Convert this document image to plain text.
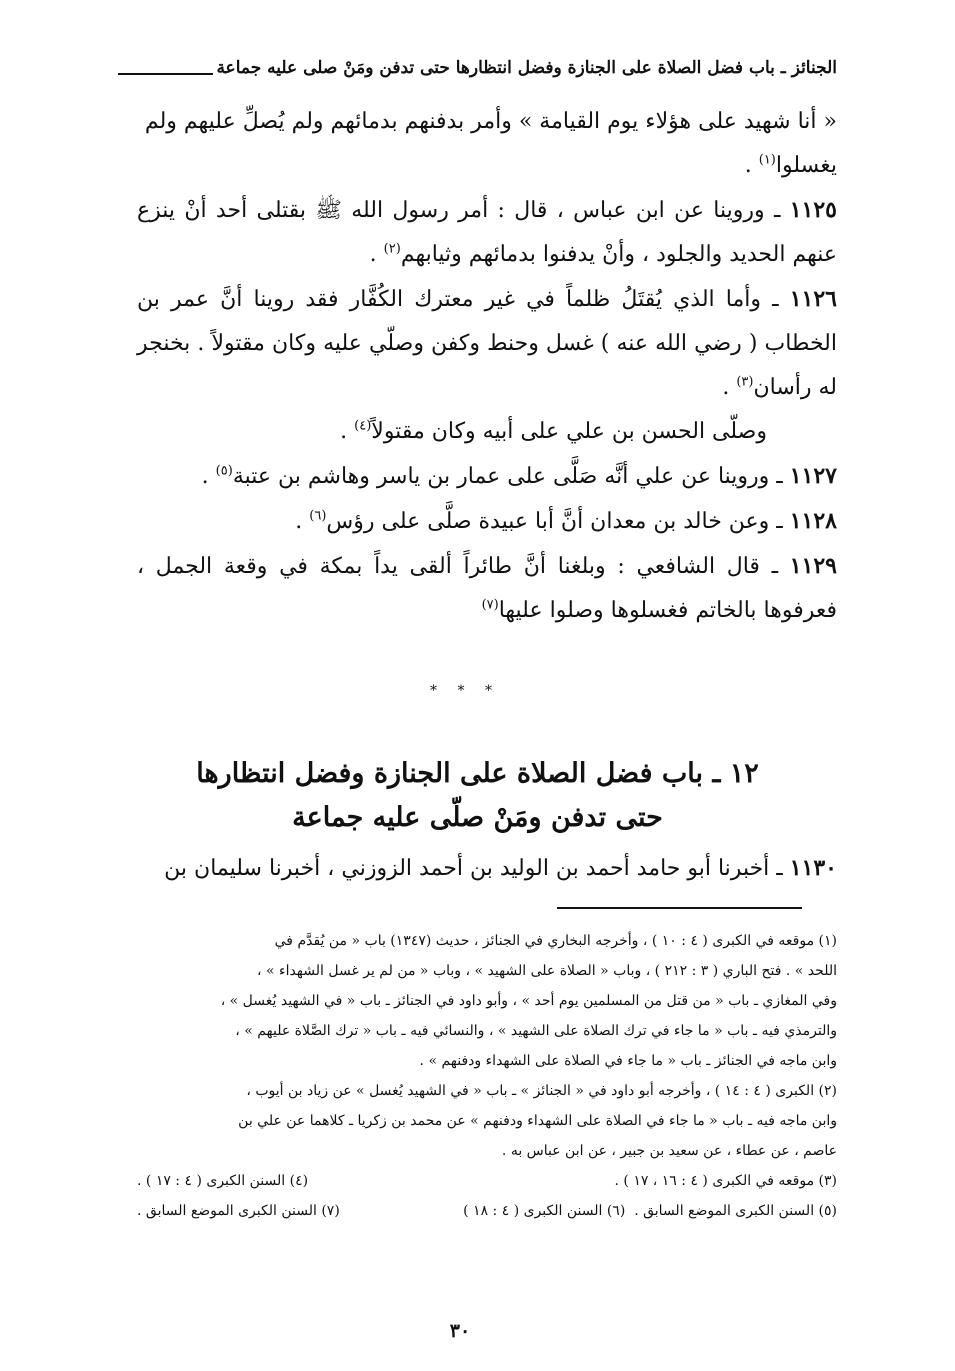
الجنائز ـ باب فضل الصلاة على الجنازة وفضل انتظارها حتى تدفن ومَنْ صلى عليه جماعة

« أنا شهيد على هؤلاء يوم القيامة » وأمر بدفنهم بدمائهم ولم يُصلِّ عليهم ولم
يغسلوا$^{(١)}$ .

١١٢٥ ـ وروينا عن ابن عباس ، قال : أمر رسول الله ﷺ بقتلى أحد أنْ ينزع عنهم الحديد والجلود ، وأنْ يدفنوا بدمائهم وثيابهم$^{(٢)}$ .

١١٢٦ ـ وأما الذي يُقتَلُ ظلماً في غير معترك الكُفَّار فقد روينا أنَّ عمر بن الخطاب ( رضي الله عنه ) غسل وحنط وكفن وصلّي عليه وكان مقتولاً . بخنجر له رأسان$^{(٣)}$ .

وصلّى الحسن بن علي على أبيه وكان مقتولاً$^{(٤)}$ .

١١٢٧ ـ وروينا عن علي أنَّه صَلَّى على عمار بن ياسر وهاشم بن عتبة$^{(٥)}$ .

١١٢٨ ـ وعن خالد بن معدان أنَّ أبا عبيدة صلَّى على رؤس$^{(٦)}$ .

١١٢٩ ـ قال الشافعي : وبلغنا أنَّ طائراً ألقى يداً بمكة في وقعة الجمل ، فعرفوها بالخاتم فغسلوها وصلوا عليها$^{(٧)}$

* * *
١٢ ـ باب فضل الصلاة على الجنازة وفضل انتظارها
حتى تدفن ومَنْ صلّى عليه جماعة
١١٣٠ ـ أخبرنا أبو حامد أحمد بن الوليد بن أحمد الزوزني ، أخبرنا سليمان بن

(١) موقعه في الكبرى ( ٤ : ١٠ ) ، وأخرجه البخاري في الجنائز ، حديث (١٣٤٧) باب « من يُقدَّم في

اللحد » . فتح الباري ( ٣ : ٢١٢ ) ، وباب « الصلاة على الشهيد » ، وباب « من لم ير غسل الشهداء » ،

وفي المغازي ـ باب « من قتل من المسلمين يوم أحد » ، وأبو داود في الجنائز ـ باب « في الشهيد يُغسل » ،

والترمذي فيه ـ باب « ما جاء في ترك الصلاة على الشهيد » ، والنسائي فيه ـ باب « ترك الصَّلاة عليهم » ،

وابن ماجه في الجنائز ـ باب « ما جاء في الصلاة على الشهداء ودفنهم » .

(٢) الكبرى ( ٤ : ١٤ ) ، وأخرجه أبو داود في « الجنائز » ـ باب « في الشهيد يُغسل » عن زياد بن أيوب ،

وابن ماجه فيه ـ باب « ما جاء في الصلاة على الشهداء ودفنهم » عن محمد بن زكريا ـ كلاهما عن علي بن

عاصم ، عن عطاء ، عن سعيد بن جبير ، عن ابن عباس به .

(٣) موقعه في الكبرى ( ٤ : ١٦ ، ١٧ ) .
(٤) السنن الكبرى ( ٤ : ١٧ ) .
(٥) السنن الكبرى الموضع السابق .  (٦) السنن الكبرى ( ٤ : ١٨ )
(٧) السنن الكبرى الموضع السابق .
٣٠
